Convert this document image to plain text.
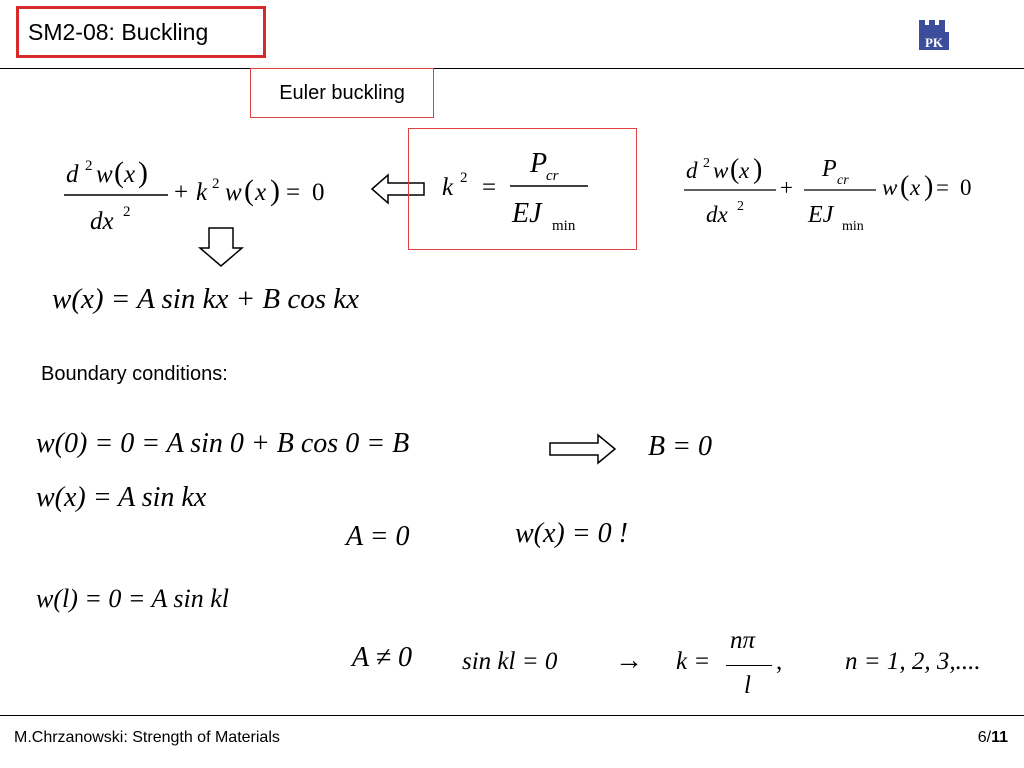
SM2-08: Buckling	PK
Euler buckling
d 2 w ( x )
dx 2
+ k 2 w ( x ) = 0	k 2 =
P
cr
EJ min
d 2 w ( x )
dx 2
+
P cr
EJ min
w ( x ) = 0
w(x) = A sin kx + B cos kx
Boundary conditions:
w(0) = 0 = A sin 0 + B cos 0 = B	B = 0
w(x) = A sin kx
A = 0	w(x) = 0 !
w(l) = 0 = A sin kl
A ≠ 0 sin kl = 0 → k =
nπ
l
,	n = 1, 2, 3,....
M.Chrzanowski: Strength of Materials	6/11
